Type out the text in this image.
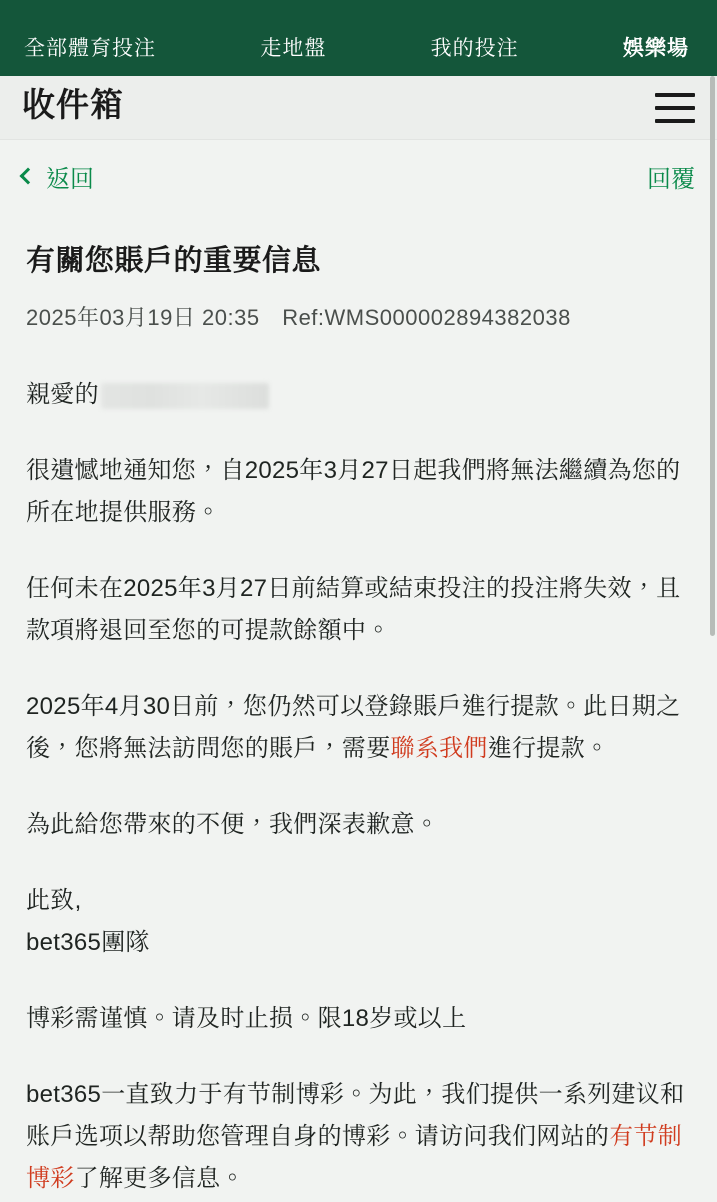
全部體育投注	走地盤	我的投注	娛樂場
收件箱
返回	回覆
有關您賬戶的重要信息
2025年03月19日 20:35 Ref:WMS000002894382038

親愛的

很遺憾地通知您，自2025年3月27日起我們將無法繼續為您的所在地提供服務。

任何未在2025年3月27日前結算或結束投注的投注將失效，且款項將退回至您的可提款餘額中。

2025年4月30日前，您仍然可以登錄賬戶進行提款。此日期之後，您將無法訪問您的賬戶，需要聯系我們進行提款。

為此給您帶來的不便，我們深表歉意。

此致,

bet365團隊

博彩需谨慎。请及时止损。限18岁或以上

bet365一直致力于有节制博彩。为此，我们提供一系列建议和账户选项以帮助您管理自身的博彩。请访问我们网站的有节制博彩了解更多信息。
